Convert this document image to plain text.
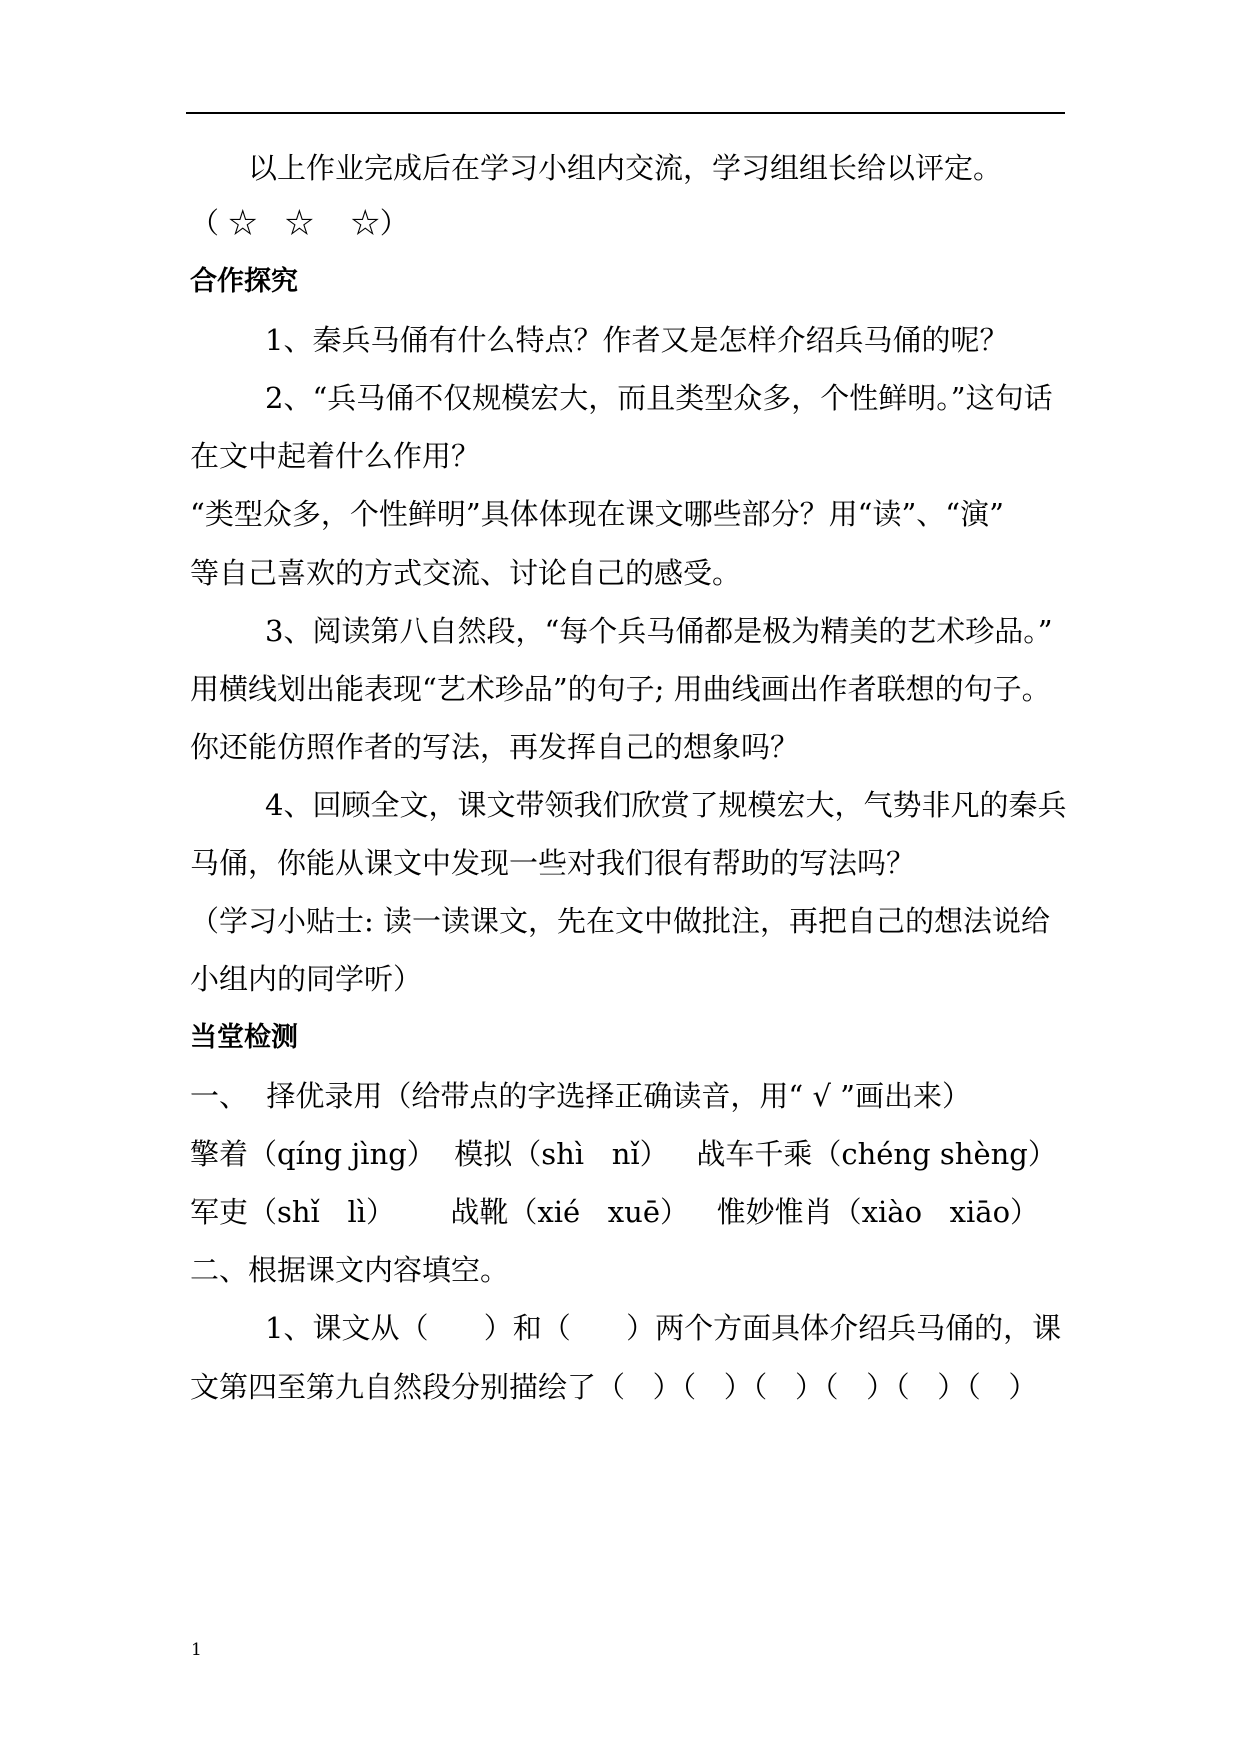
以上作业完成后在学习小组内交流，学习组组长给以评定。
（ ☆   ☆    ☆）
合作探究
1、秦兵马俑有什么特点？作者又是怎样介绍兵马俑的呢？
2、“兵马俑不仅规模宏大，而且类型众多，个性鲜明。”这句话
在文中起着什么作用？
“类型众多，个性鲜明”具体体现在课文哪些部分？用“读”、“演”
等自己喜欢的方式交流、讨论自己的感受。
3、阅读第八自然段，“每个兵马俑都是极为精美的艺术珍品。”
用横线划出能表现“艺术珍品”的句子; 用曲线画出作者联想的句子。
你还能仿照作者的写法，再发挥自己的想象吗？
4、回顾全文，课文带领我们欣赏了规模宏大，气势非凡的秦兵
马俑，你能从课文中发现一些对我们很有帮助的写法吗？
（学习小贴士: 读一读课文，先在文中做批注，再把自己的想法说给
小组内的同学听）
当堂检测
一、  择优录用（给带点的字选择正确读音，用“ √ ”画出来）
擎着（qíng jìng）  模拟（shì   nǐ）   战车千乘（chéng shèng）
军吏（shǐ   lì）      战靴（xié   xuē）   惟妙惟肖（xiào   xiāo）
二、根据课文内容填空。
1、课文从（      ）和（      ）两个方面具体介绍兵马俑的，课
文第四至第九自然段分别描绘了（   ）（   ）（   ）（   ）（   ）（   ）
1
